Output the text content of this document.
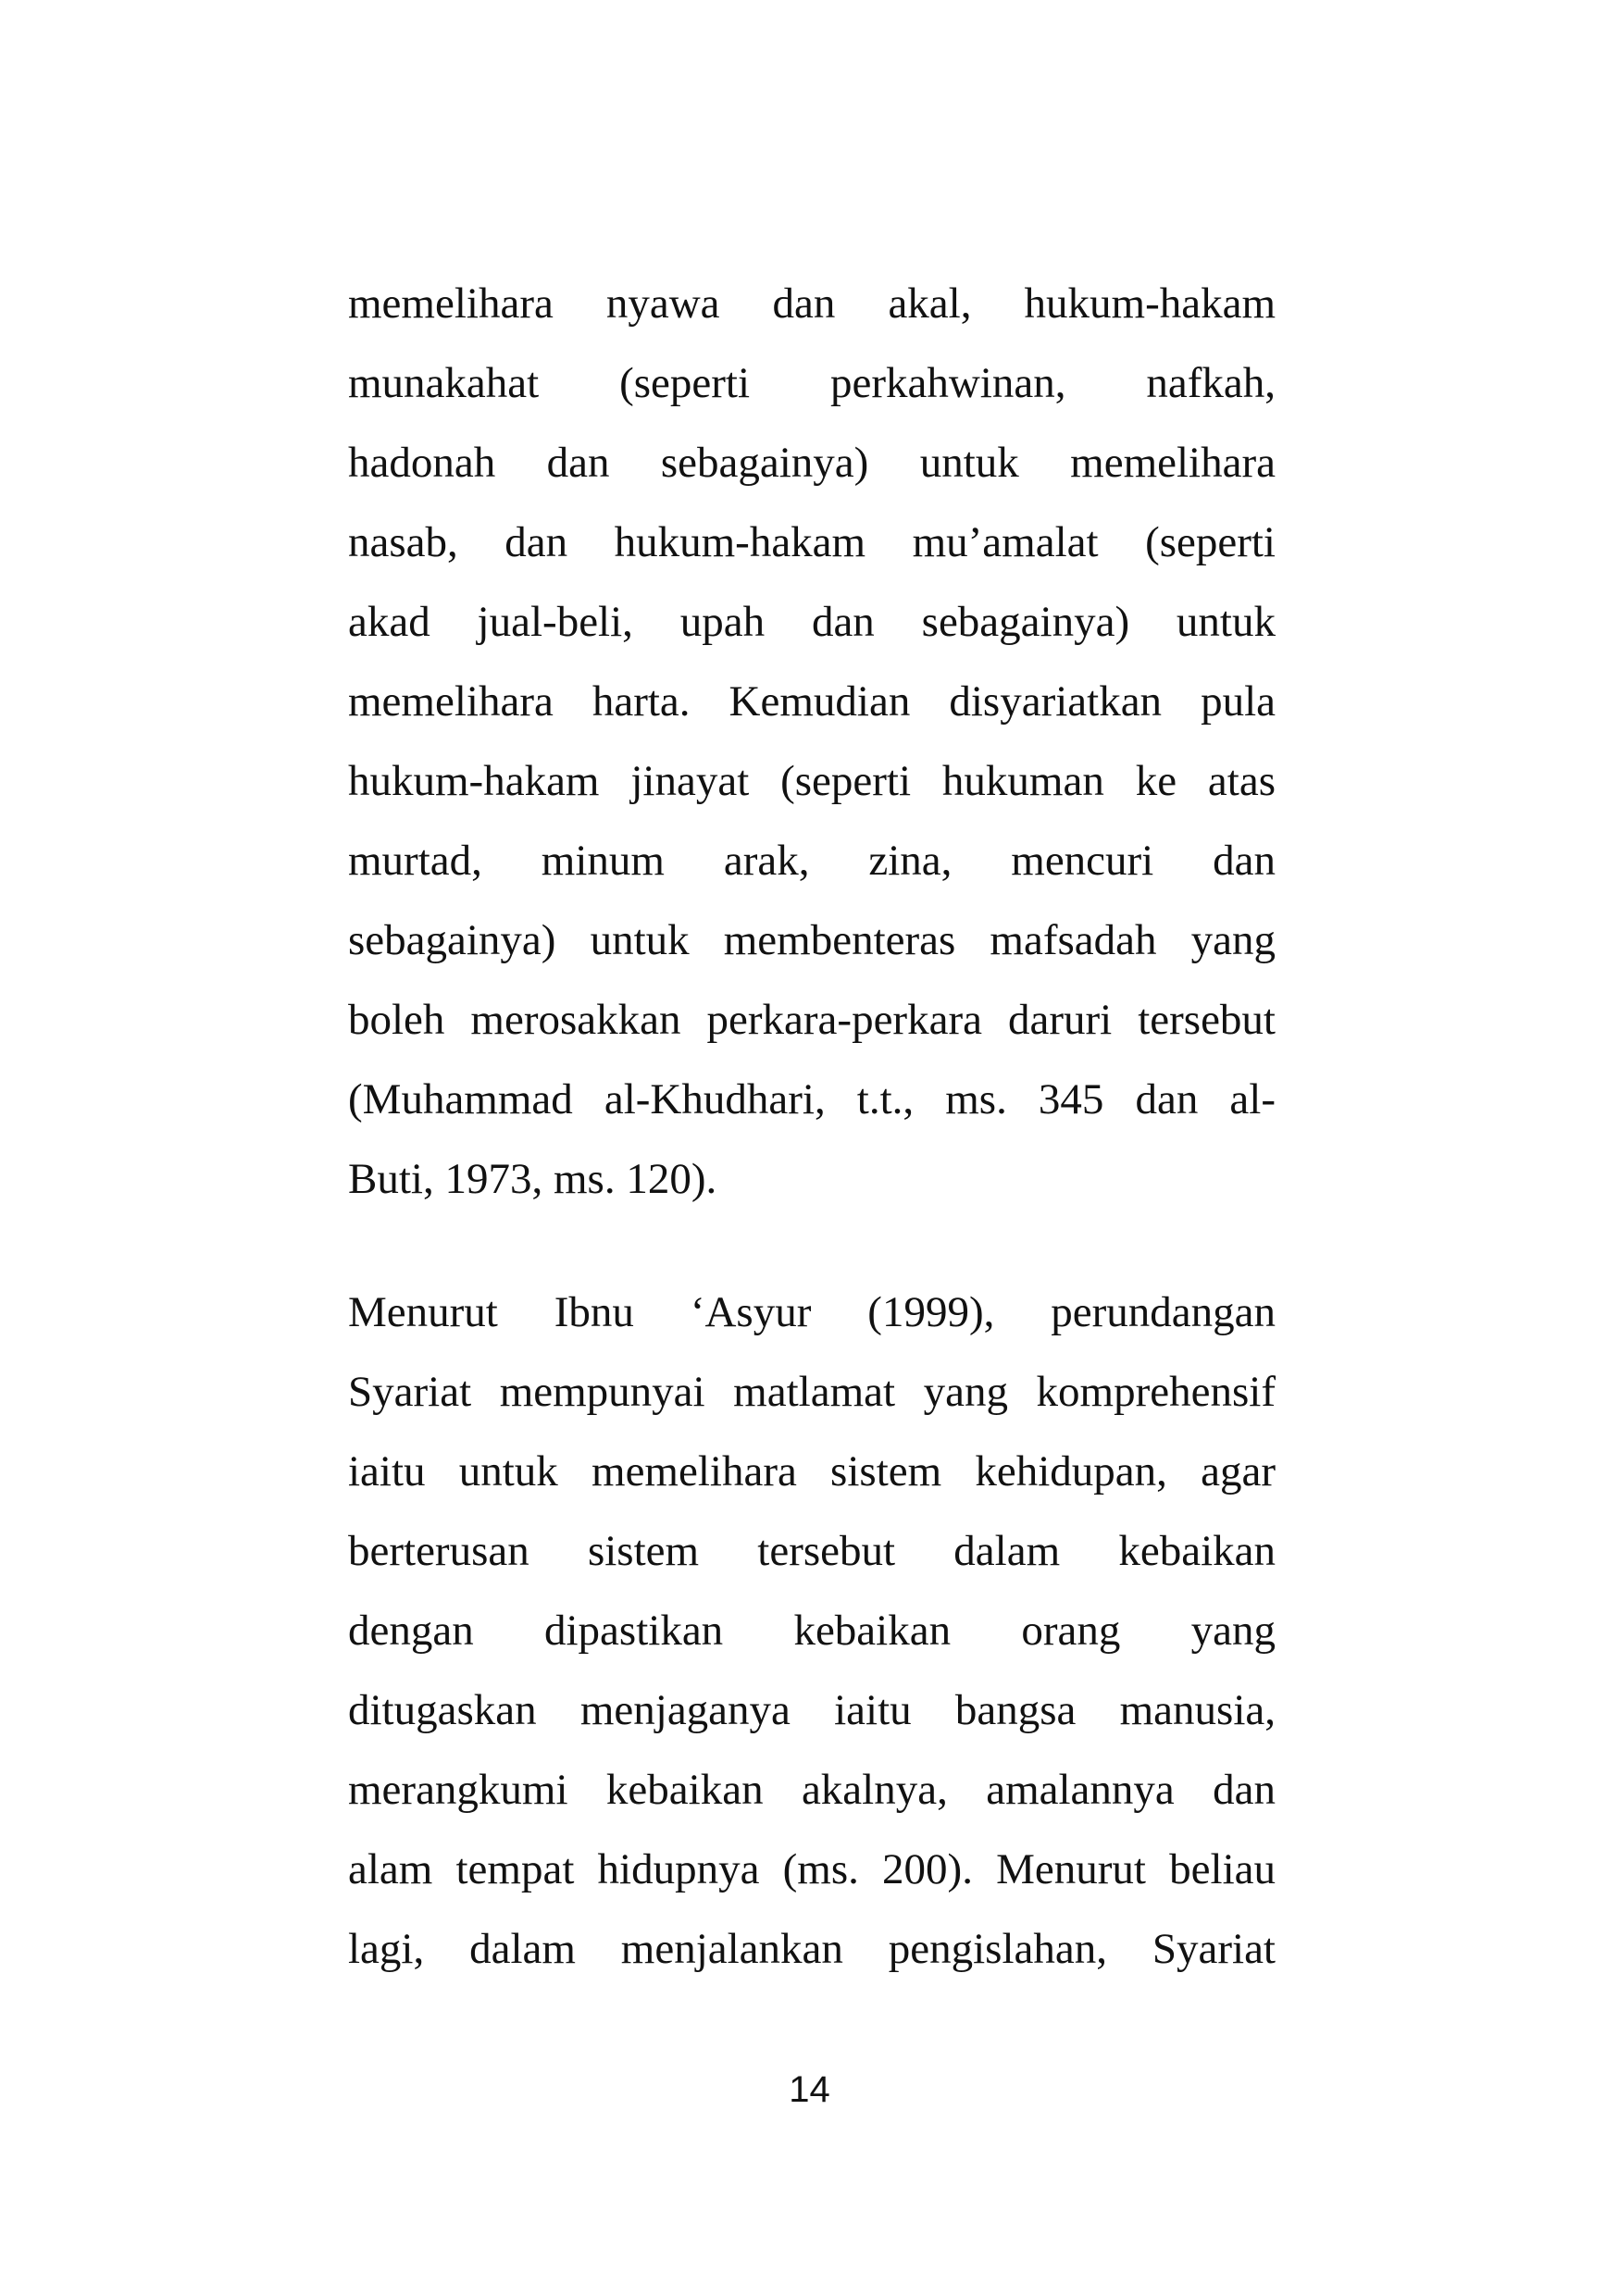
memelihara nyawa dan akal, hukum-hakam
munakahat (seperti perkahwinan, nafkah,
hadonah dan sebagainya) untuk memelihara
nasab, dan hukum-hakam mu’amalat (seperti
akad jual-beli, upah dan sebagainya) untuk
memelihara harta. Kemudian disyariatkan pula
hukum-hakam jinayat (seperti hukuman ke atas
murtad, minum arak, zina, mencuri dan
sebagainya) untuk membenteras mafsadah yang
boleh merosakkan perkara-perkara daruri tersebut
(Muhammad al-Khudhari, t.t., ms. 345 dan al-
Buti, 1973, ms. 120).
Menurut Ibnu ‘Asyur (1999), perundangan
Syariat mempunyai matlamat yang komprehensif
iaitu untuk memelihara sistem kehidupan, agar
berterusan sistem tersebut dalam kebaikan
dengan dipastikan kebaikan orang yang
ditugaskan menjaganya iaitu bangsa manusia,
merangkumi kebaikan akalnya, amalannya dan
alam tempat hidupnya (ms. 200). Menurut beliau
lagi, dalam menjalankan pengislahan, Syariat
14
